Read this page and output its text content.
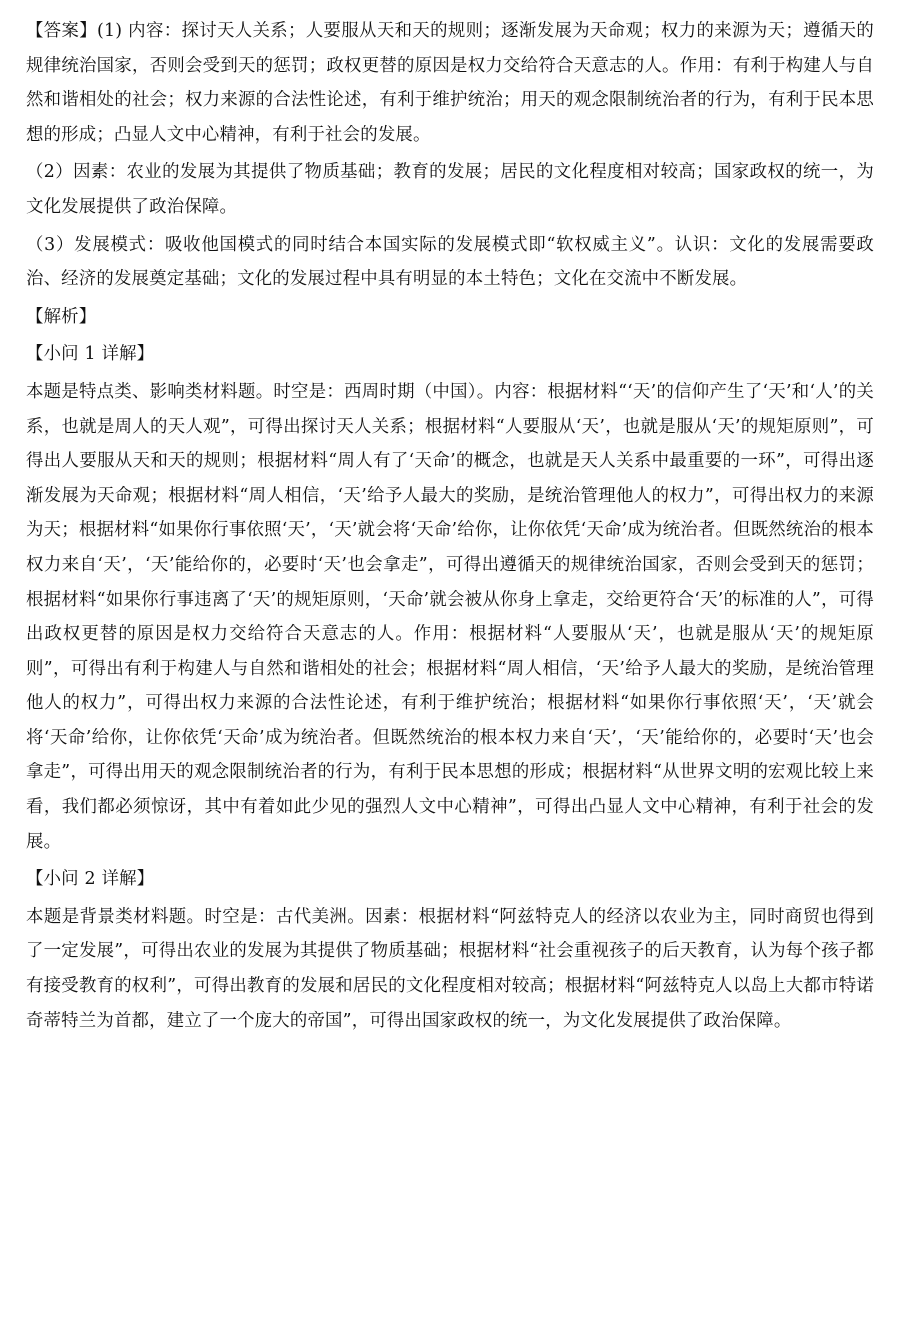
【答案】(1) 内容：探讨天人关系；人要服从天和天的规则；逐渐发展为天命观；权力的来源为天；遵循天的规律统治国家，否则会受到天的惩罚；政权更替的原因是权力交给符合天意志的人。作用：有利于构建人与自然和谐相处的社会；权力来源的合法性论述，有利于维护统治；用天的观念限制统治者的行为，有利于民本思想的形成；凸显人文中心精神，有利于社会的发展。

（2）因素：农业的发展为其提供了物质基础；教育的发展；居民的文化程度相对较高；国家政权的统一，为文化发展提供了政治保障。

（3）发展模式：吸收他国模式的同时结合本国实际的发展模式即“软权威主义”。认识：文化的发展需要政治、经济的发展奠定基础；文化的发展过程中具有明显的本土特色；文化在交流中不断发展。

【解析】

【小问 1 详解】

本题是特点类、影响类材料题。时空是：西周时期（中国）。内容：根据材料“‘天’的信仰产生了‘天’和‘人’的关系，也就是周人的天人观”，可得出探讨天人关系；根据材料“人要服从‘天’，也就是服从‘天’的规矩原则”，可得出人要服从天和天的规则；根据材料“周人有了‘天命’的概念，也就是天人关系中最重要的一环”，可得出逐渐发展为天命观；根据材料“周人相信，‘天’给予人最大的奖励，是统治管理他人的权力”，可得出权力的来源为天；根据材料“如果你行事依照‘天’，‘天’就会将‘天命’给你，让你依凭‘天命’成为统治者。但既然统治的根本权力来自‘天’，‘天’能给你的，必要时‘天’也会拿走”，可得出遵循天的规律统治国家，否则会受到天的惩罚；根据材料“如果你行事违离了‘天’的规矩原则，‘天命’就会被从你身上拿走，交给更符合‘天’的标准的人”，可得出政权更替的原因是权力交给符合天意志的人。作用：根据材料“人要服从‘天’，也就是服从‘天’的规矩原则”，可得出有利于构建人与自然和谐相处的社会；根据材料“周人相信，‘天’给予人最大的奖励，是统治管理他人的权力”，可得出权力来源的合法性论述，有利于维护统治；根据材料“如果你行事依照‘天’，‘天’就会将‘天命’给你，让你依凭‘天命’成为统治者。但既然统治的根本权力来自‘天’，‘天’能给你的，必要时‘天’也会拿走”，可得出用天的观念限制统治者的行为，有利于民本思想的形成；根据材料“从世界文明的宏观比较上来看，我们都必须惊讶，其中有着如此少见的强烈人文中心精神”，可得出凸显人文中心精神，有利于社会的发展。

【小问 2 详解】

本题是背景类材料题。时空是：古代美洲。因素：根据材料“阿兹特克人的经济以农业为主，同时商贸也得到了一定发展”，可得出农业的发展为其提供了物质基础；根据材料“社会重视孩子的后天教育，认为每个孩子都有接受教育的权利”，可得出教育的发展和居民的文化程度相对较高；根据材料“阿兹特克人以岛上大都市特诺奇蒂特兰为首都，建立了一个庞大的帝国”，可得出国家政权的统一，为文化发展提供了政治保障。
